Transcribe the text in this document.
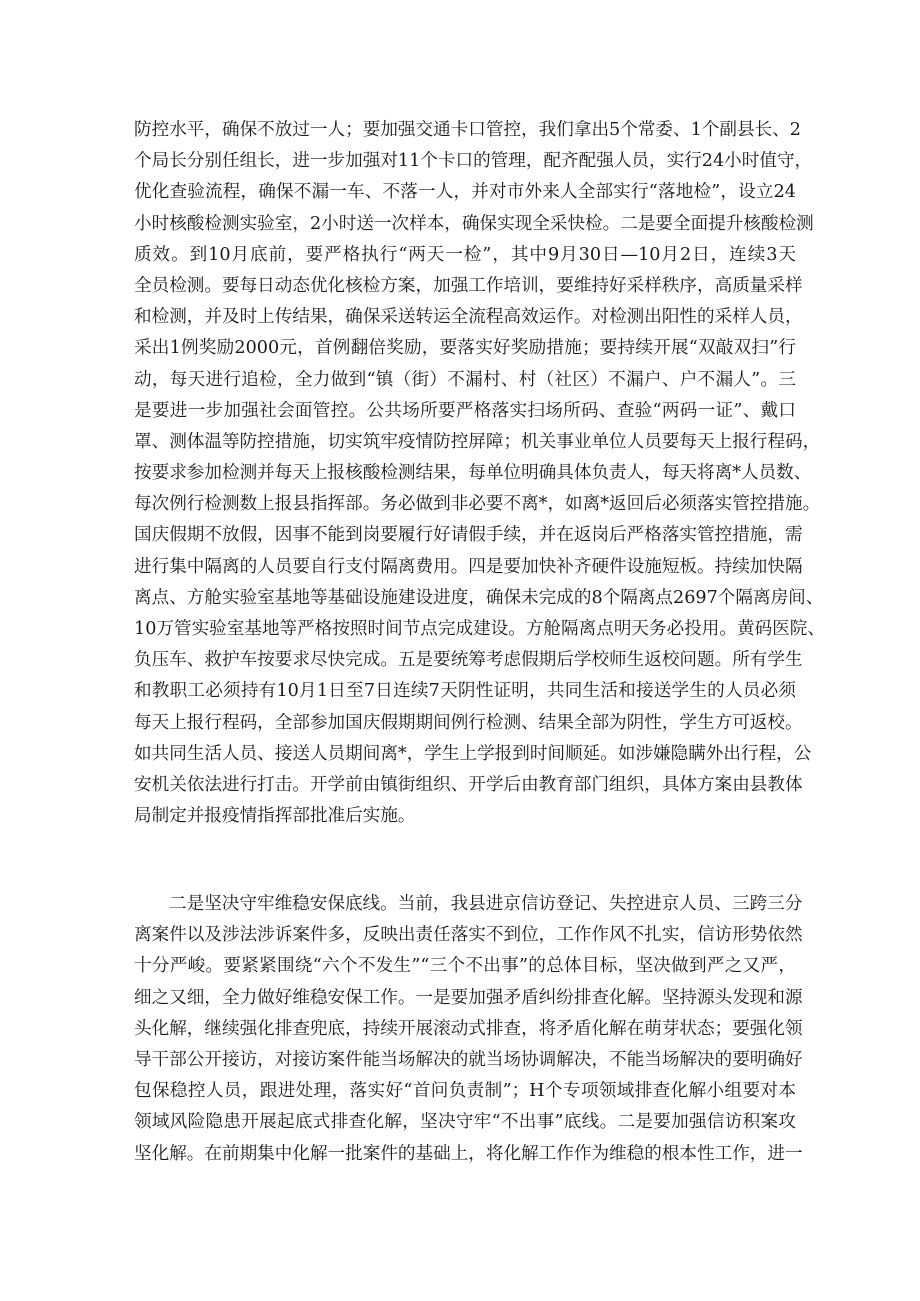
防控水平，确保不放过一人；要加强交通卡口管控，我们拿出5个常委、1个副县长、2
个局长分别任组长，进一步加强对11个卡口的管理，配齐配强人员，实行24小时值守，
优化查验流程，确保不漏一车、不落一人，并对市外来人全部实行“落地检”，设立24
小时核酸检测实验室，2小时送一次样本，确保实现全采快检。二是要全面提升核酸检测
质效。到10月底前，要严格执行“两天一检”，其中9月30日—10月2日，连续3天
全员检测。要每日动态优化核检方案，加强工作培训，要维持好采样秩序，高质量采样
和检测，并及时上传结果，确保采送转运全流程高效运作。对检测出阳性的采样人员，
采出1例奖励2000元，首例翻倍奖励，要落实好奖励措施；要持续开展“双敲双扫”行
动，每天进行追检，全力做到“镇（街）不漏村、村（社区）不漏户、户不漏人”。三
是要进一步加强社会面管控。公共场所要严格落实扫场所码、查验“两码一证”、戴口
罩、测体温等防控措施，切实筑牢疫情防控屏障；机关事业单位人员要每天上报行程码，
按要求参加检测并每天上报核酸检测结果，每单位明确具体负责人，每天将离*人员数、
每次例行检测数上报县指挥部。务必做到非必要不离*，如离*返回后必须落实管控措施。
国庆假期不放假，因事不能到岗要履行好请假手续，并在返岗后严格落实管控措施，需
进行集中隔离的人员要自行支付隔离费用。四是要加快补齐硬件设施短板。持续加快隔
离点、方舱实验室基地等基础设施建设进度，确保未完成的8个隔离点2697个隔离房间、
10万管实验室基地等严格按照时间节点完成建设。方舱隔离点明天务必投用。黄码医院、
负压车、救护车按要求尽快完成。五是要统筹考虑假期后学校师生返校问题。所有学生
和教职工必须持有10月1日至7日连续7天阴性证明，共同生活和接送学生的人员必须
每天上报行程码，全部参加国庆假期期间例行检测、结果全部为阴性，学生方可返校。
如共同生活人员、接送人员期间离*，学生上学报到时间顺延。如涉嫌隐瞒外出行程，公
安机关依法进行打击。开学前由镇街组织、开学后由教育部门组织，具体方案由县教体
局制定并报疫情指挥部批准后实施。
二是坚决守牢维稳安保底线。当前，我县进京信访登记、失控进京人员、三跨三分
离案件以及涉法涉诉案件多，反映出责任落实不到位，工作作风不扎实，信访形势依然
十分严峻。要紧紧围绕“六个不发生”“三个不出事”的总体目标，坚决做到严之又严，
细之又细，全力做好维稳安保工作。一是要加强矛盾纠纷排查化解。坚持源头发现和源
头化解，继续强化排查兜底，持续开展滚动式排查，将矛盾化解在萌芽状态；要强化领
导干部公开接访，对接访案件能当场解决的就当场协调解决，不能当场解决的要明确好
包保稳控人员，跟进处理，落实好“首问负责制”；H个专项领域排查化解小组要对本
领域风险隐患开展起底式排查化解，坚决守牢“不出事”底线。二是要加强信访积案攻
坚化解。在前期集中化解一批案件的基础上，将化解工作作为维稳的根本性工作，进一
